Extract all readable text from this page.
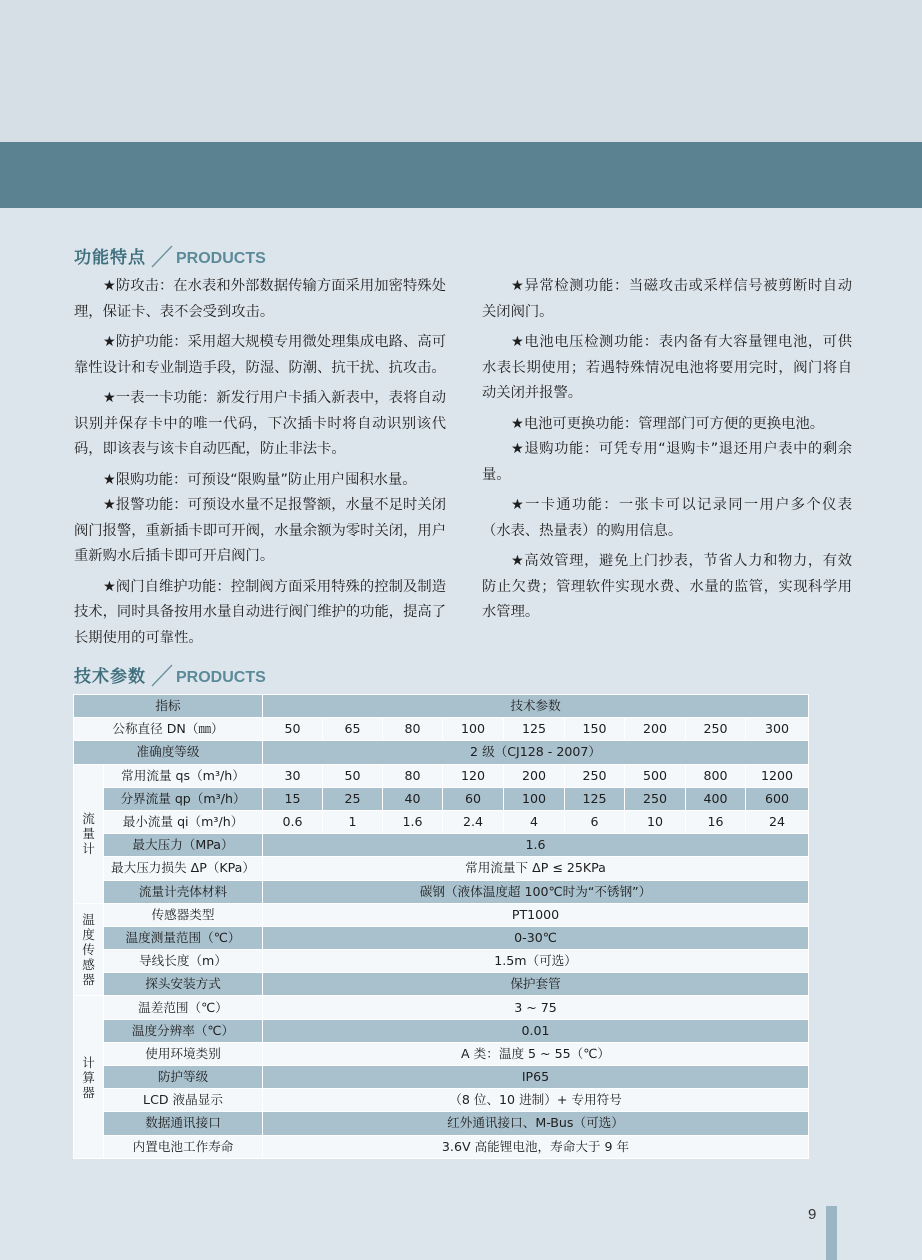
功能特点 PRODUCTS

★防攻击：在水表和外部数据传输方面采用加密特殊处理，保证卡、表不会受到攻击。

★防护功能：采用超大规模专用微处理集成电路、高可靠性设计和专业制造手段，防湿、防潮、抗干扰、抗攻击。

★一表一卡功能：新发行用户卡插入新表中，表将自动识别并保存卡中的唯一代码，下次插卡时将自动识别该代码，即该表与该卡自动匹配，防止非法卡。

★限购功能：可预设“限购量”防止用户囤积水量。

★报警功能：可预设水量不足报警额，水量不足时关闭阀门报警，重新插卡即可开阀，水量余额为零时关闭，用户重新购水后插卡即可开启阀门。

★阀门自维护功能：控制阀方面采用特殊的控制及制造技术，同时具备按用水量自动进行阀门维护的功能，提高了长期使用的可靠性。

★异常检测功能：当磁攻击或采样信号被剪断时自动关闭阀门。

★电池电压检测功能：表内备有大容量锂电池，可供水表长期使用；若遇特殊情况电池将要用完时，阀门将自动关闭并报警。

★电池可更换功能：管理部门可方便的更换电池。

★退购功能：可凭专用“退购卡”退还用户表中的剩余量。

★一卡通功能：一张卡可以记录同一用户多个仪表（水表、热量表）的购用信息。

★高效管理，避免上门抄表，节省人力和物力，有效防止欠费；管理软件实现水费、水量的监管，实现科学用水管理。

技术参数 PRODUCTS
指标		技术参数								
公称直径 DN（㎜）		50	65	80	100	125	150	200	250	300
准确度等级		2 级（CJ128 - 2007）								
流量计	常用流量 qs（m³/h）	30	50	80	120	200	250	500	800	1200
	分界流量 qp（m³/h）	15	25	40	60	100	125	250	400	600
	最小流量 qi（m³/h）	0.6	1	1.6	2.4	4	6	10	16	24
	最大压力（MPa）	1.6								
	最大压力损失 ΔP（KPa）	常用流量下 ΔP ≤ 25KPa								
	流量计壳体材料	碳钢（液体温度超 100℃时为“不锈钢”）								
温度传感器	传感器类型	PT1000								
	温度测量范围（℃）	0-30℃								
	导线长度（m）	1.5m（可选）								
	探头安装方式	保护套管								
计算器	温差范围（℃）	3 ~ 75								
	温度分辨率（℃）	0.01								
	使用环境类别	A 类：温度 5 ~ 55（℃）								
	防护等级	IP65								
	LCD 液晶显示	（8 位、10 进制）+ 专用符号								
	数据通讯接口	红外通讯接口、M-Bus（可选）								
	内置电池工作寿命	3.6V 高能锂电池，寿命大于 9 年								
9
